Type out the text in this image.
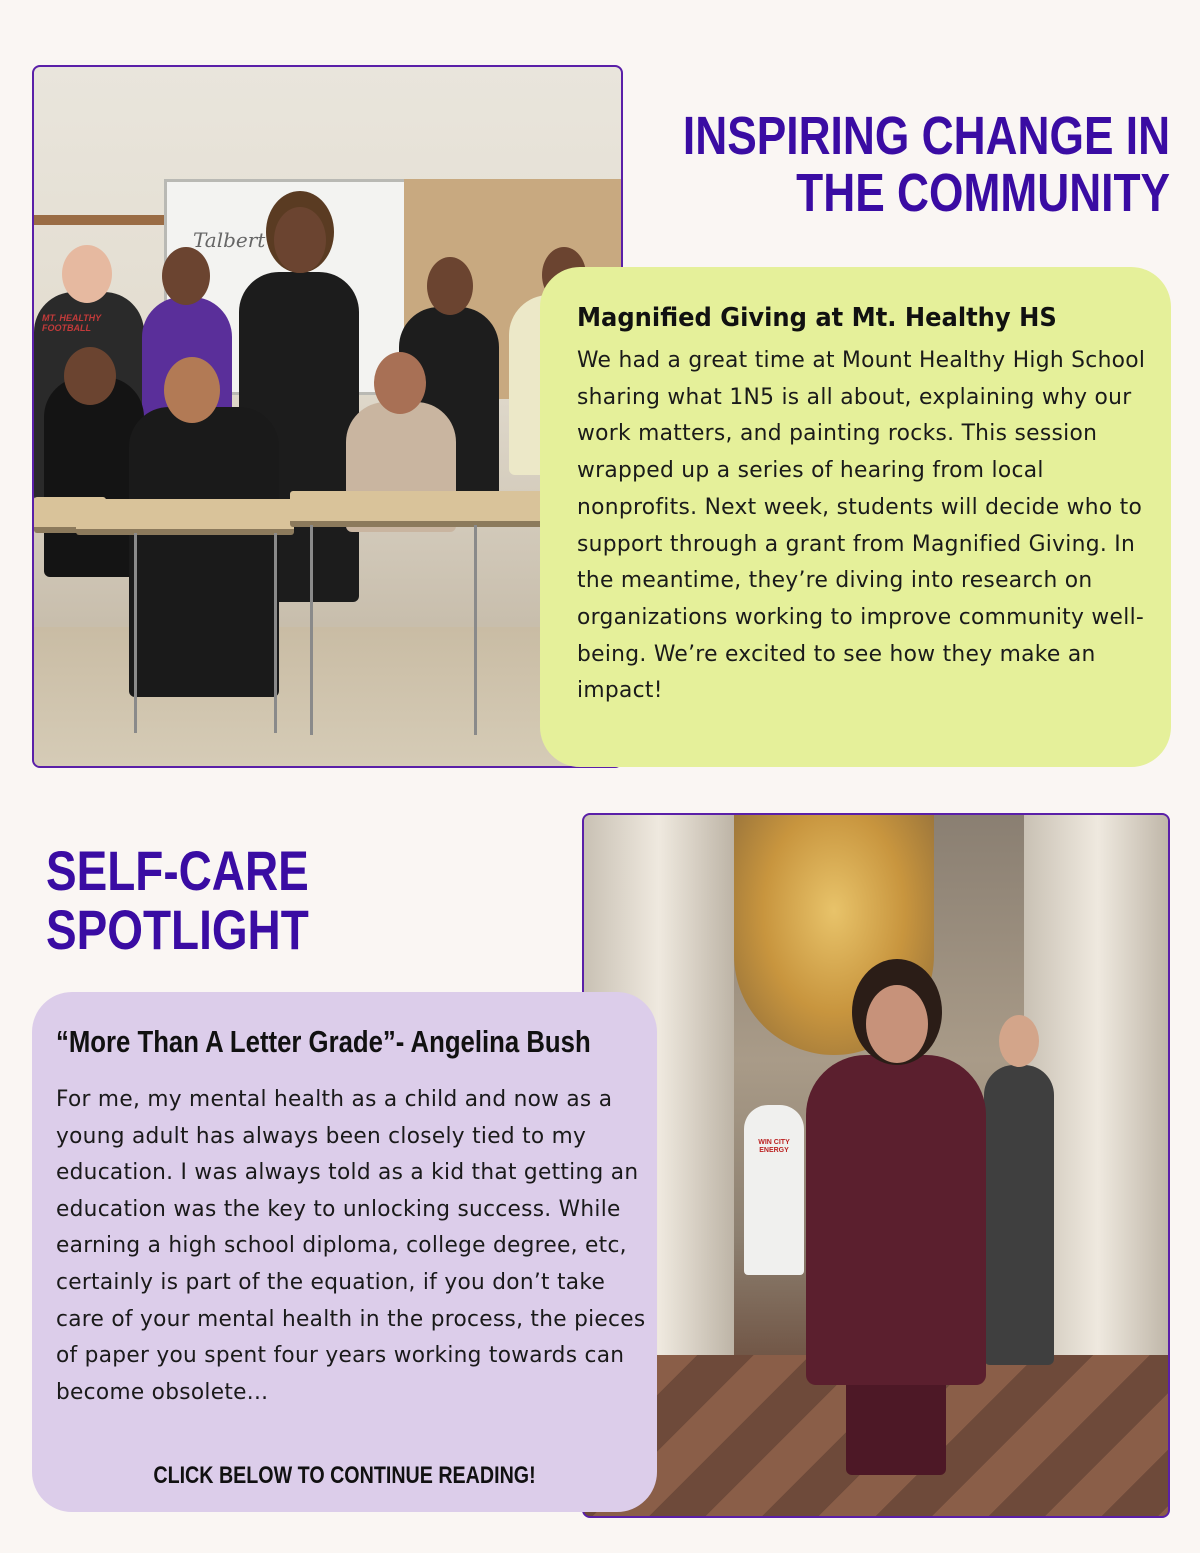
Talbert
MT. HEALTHY FOOTBALL
INSPIRING CHANGE IN
THE COMMUNITY
Magnified Giving at Mt. Healthy HS

We had a great time at Mount Healthy High School sharing what 1N5 is all about, explaining why our work matters, and painting rocks. This session wrapped up a series of hearing from local nonprofits. Next week, students will decide who to support through a grant from Magnified Giving. In the meantime, they’re diving into research on organizations working to improve community well-being. We’re excited to see how they make an impact!

WIN CITY ENERGY
SELF-CARE
SPOTLIGHT
“More Than A Letter Grade”- Angelina Bush

For me, my mental health as a child and now as a young adult has always been closely tied to my education. I was always told as a kid that getting an education was the key to unlocking success. While earning a high school diploma, college degree, etc, certainly is part of the equation, if you don’t take care of your mental health in the process, the pieces of paper you spent four years working towards can become obsolete...

CLICK BELOW TO CONTINUE READING!
